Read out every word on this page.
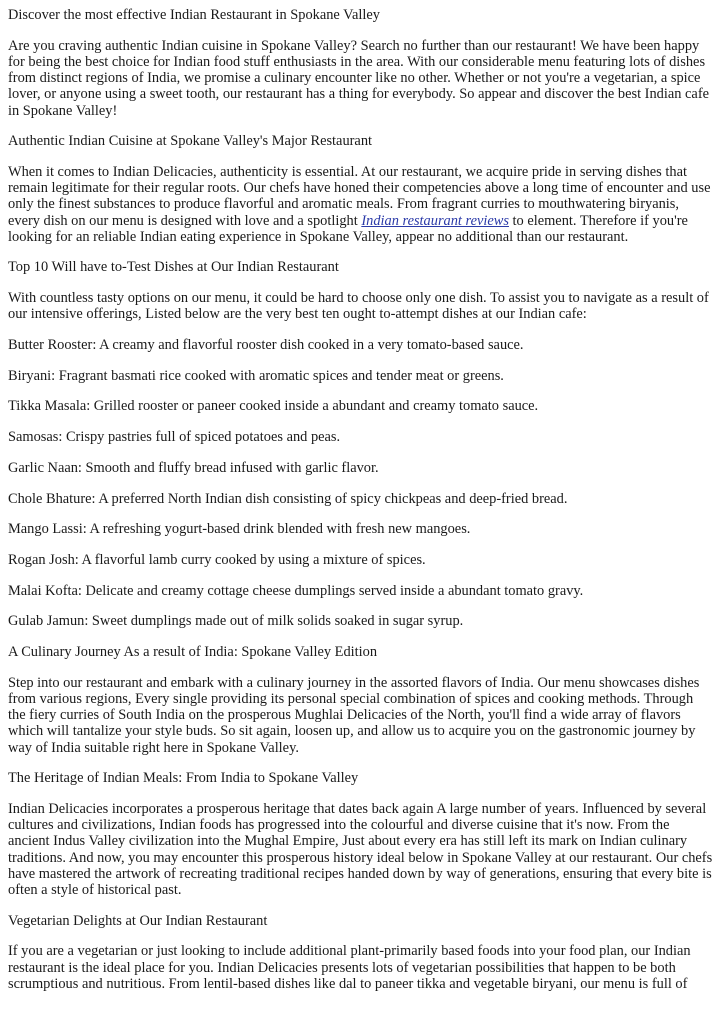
Discover the most effective Indian Restaurant in Spokane Valley

Are you craving authentic Indian cuisine in Spokane Valley? Search no further than our restaurant! We have been happy for being the best choice for Indian food stuff enthusiasts in the area. With our considerable menu featuring lots of dishes from distinct regions of India, we promise a culinary encounter like no other. Whether or not you're a vegetarian, a spice lover, or anyone using a sweet tooth, our restaurant has a thing for everybody. So appear and discover the best Indian cafe in Spokane Valley!

Authentic Indian Cuisine at Spokane Valley's Major Restaurant

When it comes to Indian Delicacies, authenticity is essential. At our restaurant, we acquire pride in serving dishes that remain legitimate for their regular roots. Our chefs have honed their competencies above a long time of encounter and use only the finest substances to produce flavorful and aromatic meals. From fragrant curries to mouthwatering biryanis, every dish on our menu is designed with love and a spotlight Indian restaurant reviews to element. Therefore if you're looking for an reliable Indian eating experience in Spokane Valley, appear no additional than our restaurant.

Top 10 Will have to-Test Dishes at Our Indian Restaurant

With countless tasty options on our menu, it could be hard to choose only one dish. To assist you to navigate as a result of our intensive offerings, Listed below are the very best ten ought to-attempt dishes at our Indian cafe:

Butter Rooster: A creamy and flavorful rooster dish cooked in a very tomato-based sauce.

Biryani: Fragrant basmati rice cooked with aromatic spices and tender meat or greens.

Tikka Masala: Grilled rooster or paneer cooked inside a abundant and creamy tomato sauce.

Samosas: Crispy pastries full of spiced potatoes and peas.

Garlic Naan: Smooth and fluffy bread infused with garlic flavor.

Chole Bhature: A preferred North Indian dish consisting of spicy chickpeas and deep-fried bread.

Mango Lassi: A refreshing yogurt-based drink blended with fresh new mangoes.

Rogan Josh: A flavorful lamb curry cooked by using a mixture of spices.

Malai Kofta: Delicate and creamy cottage cheese dumplings served inside a abundant tomato gravy.

Gulab Jamun: Sweet dumplings made out of milk solids soaked in sugar syrup.

A Culinary Journey As a result of India: Spokane Valley Edition

Step into our restaurant and embark with a culinary journey in the assorted flavors of India. Our menu showcases dishes from various regions, Every single providing its personal special combination of spices and cooking methods. Through the fiery curries of South India on the prosperous Mughlai Delicacies of the North, you'll find a wide array of flavors which will tantalize your style buds. So sit again, loosen up, and allow us to acquire you on the gastronomic journey by way of India suitable right here in Spokane Valley.

The Heritage of Indian Meals: From India to Spokane Valley

Indian Delicacies incorporates a prosperous heritage that dates back again A large number of years. Influenced by several cultures and civilizations, Indian foods has progressed into the colourful and diverse cuisine that it's now. From the ancient Indus Valley civilization into the Mughal Empire, Just about every era has still left its mark on Indian culinary traditions. And now, you may encounter this prosperous history ideal below in Spokane Valley at our restaurant. Our chefs have mastered the artwork of recreating traditional recipes handed down by way of generations, ensuring that every bite is often a style of historical past.

Vegetarian Delights at Our Indian Restaurant

If you are a vegetarian or just looking to include additional plant-primarily based foods into your food plan, our Indian restaurant is the ideal place for you. Indian Delicacies presents lots of vegetarian possibilities that happen to be both scrumptious and nutritious. From lentil-based dishes like dal to paneer tikka and vegetable biryani, our menu is full of
